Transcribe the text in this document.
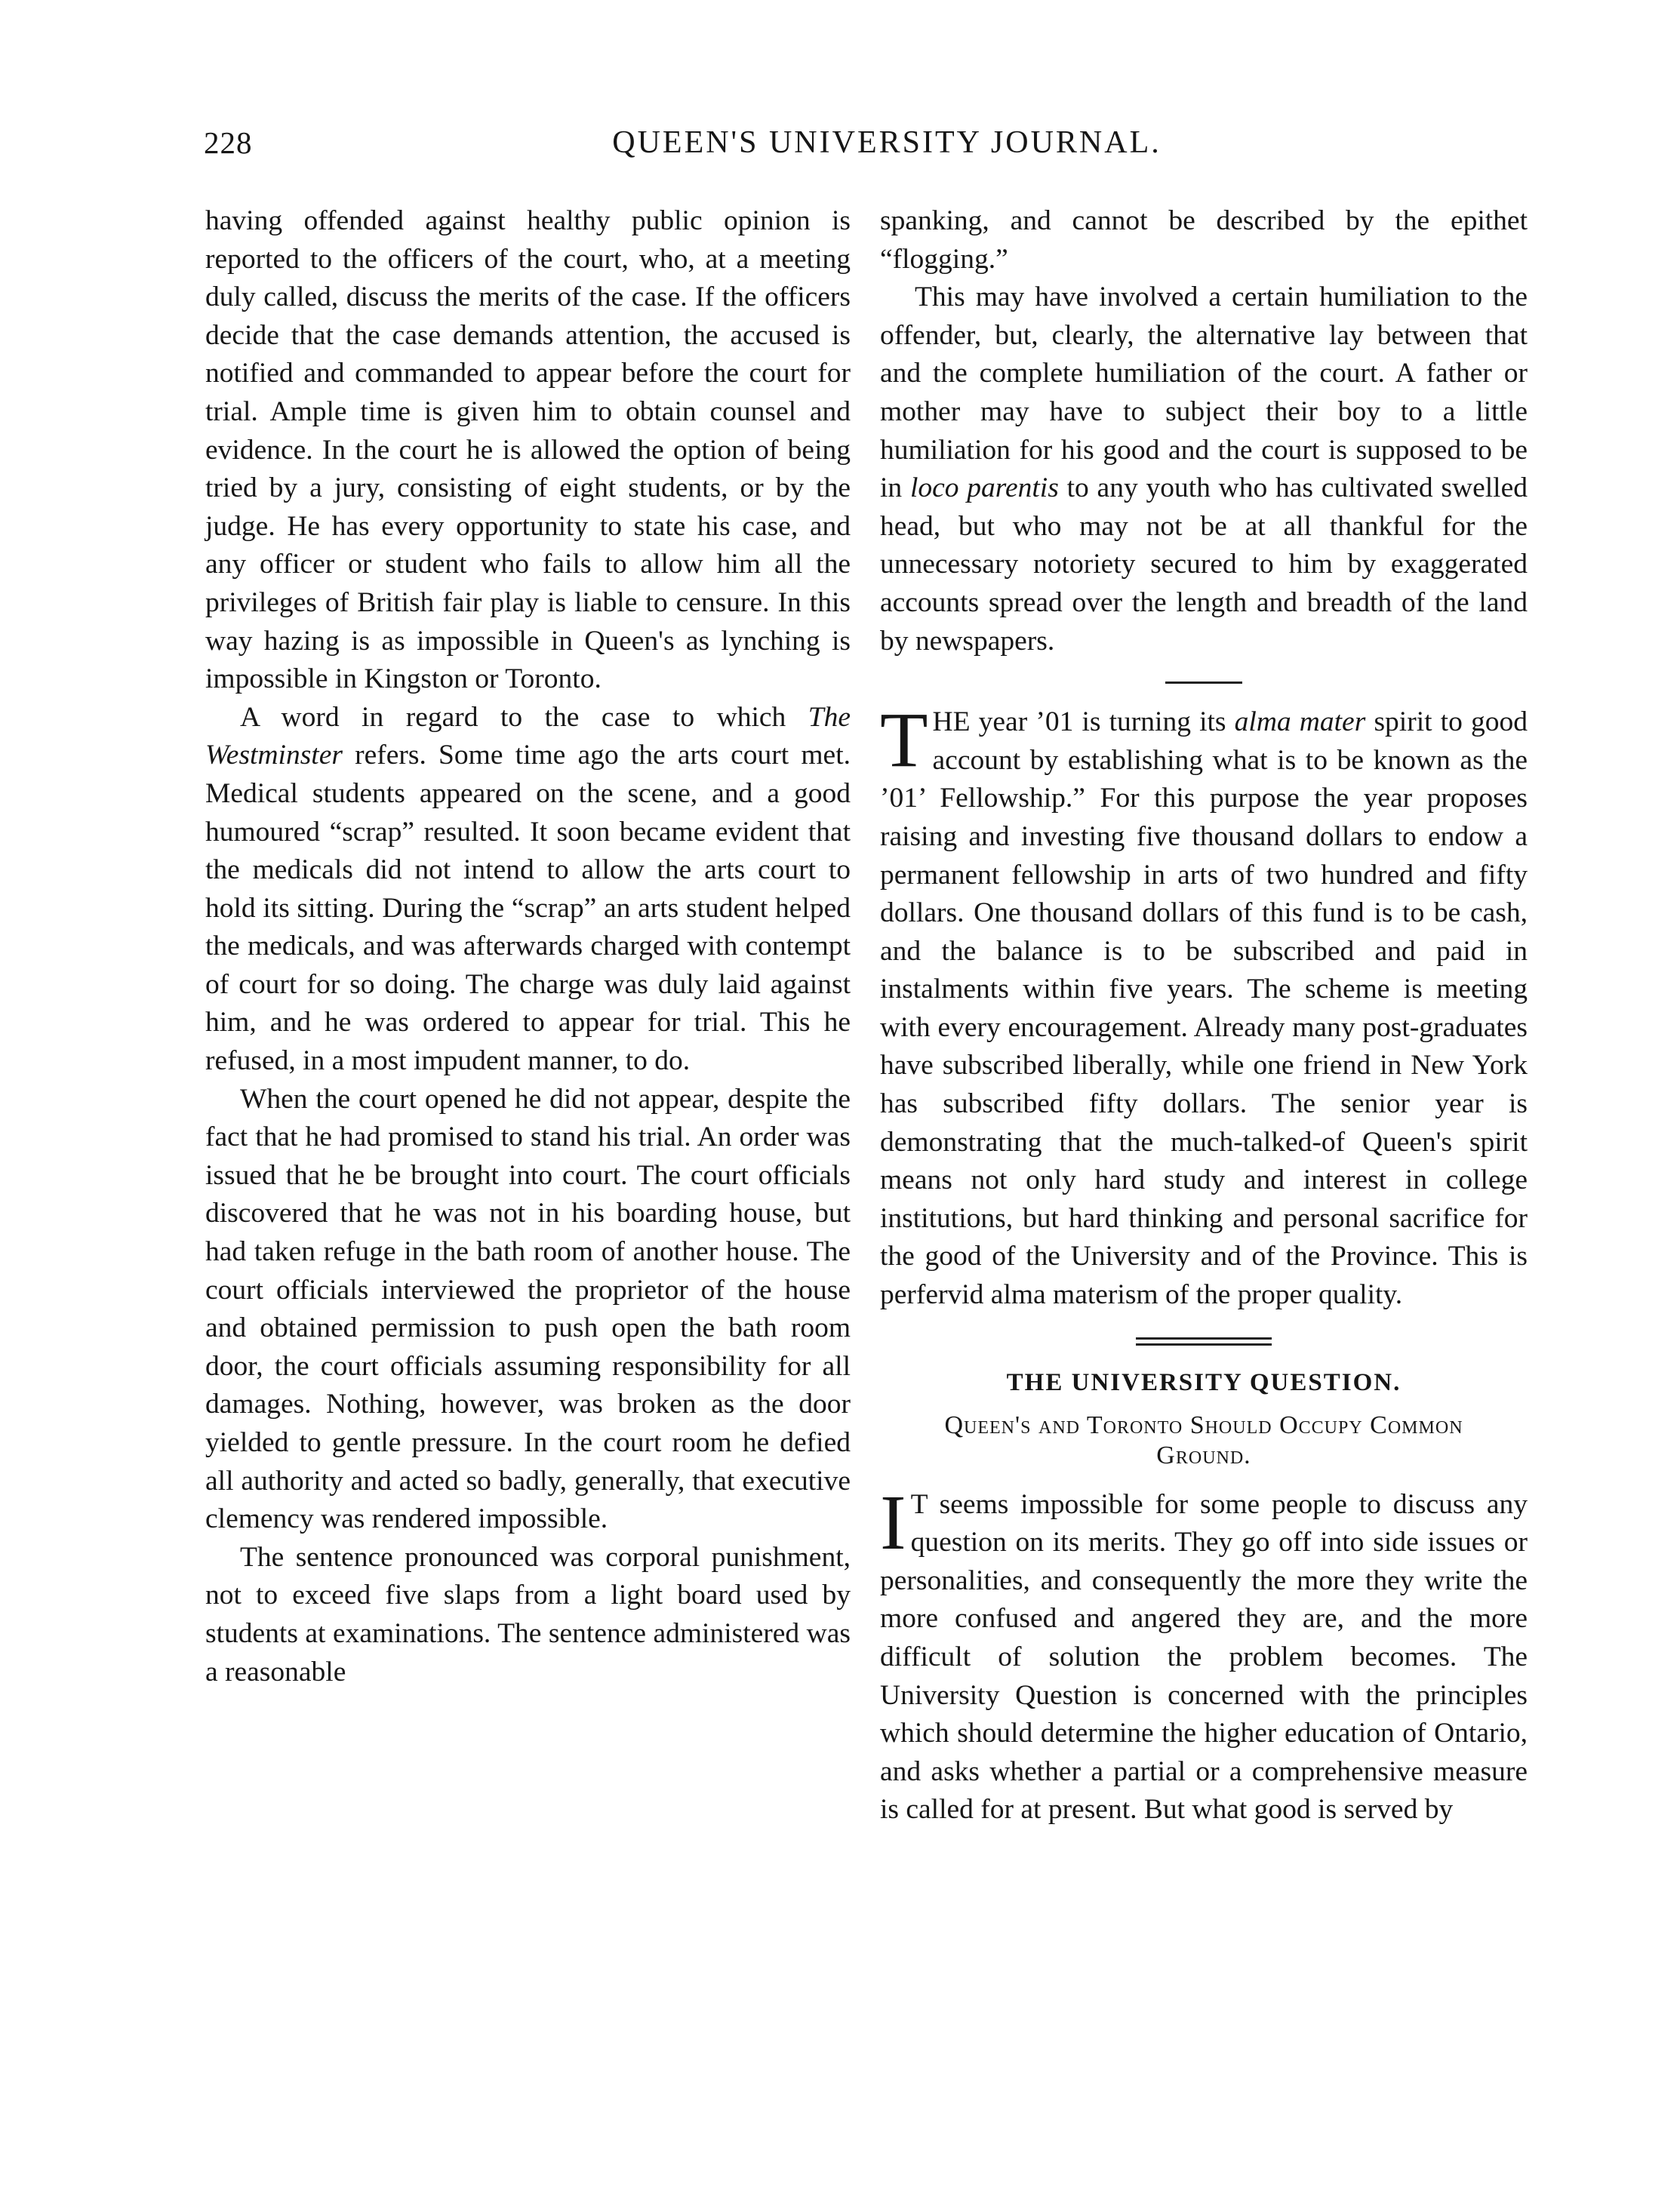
228	QUEEN'S UNIVERSITY JOURNAL.

having offended against healthy public opinion is reported to the officers of the court, who, at a meeting duly called, discuss the merits of the case. If the officers decide that the case demands attention, the accused is notified and commanded to appear before the court for trial. Ample time is given him to obtain counsel and evidence. In the court he is allowed the option of being tried by a jury, consisting of eight students, or by the judge. He has every opportunity to state his case, and any officer or student who fails to allow him all the privileges of British fair play is liable to censure. In this way hazing is as impossible in Queen's as lynching is impossible in Kingston or Toronto.

A word in regard to the case to which The Westminster refers. Some time ago the arts court met. Medical students appeared on the scene, and a good humoured “scrap” resulted. It soon became evident that the medicals did not intend to allow the arts court to hold its sitting. During the “scrap” an arts student helped the medicals, and was afterwards charged with contempt of court for so doing. The charge was duly laid against him, and he was ordered to appear for trial. This he refused, in a most impudent manner, to do.

When the court opened he did not appear, despite the fact that he had promised to stand his trial. An order was issued that he be brought into court. The court officials discovered that he was not in his boarding house, but had taken refuge in the bath room of another house. The court officials interviewed the proprietor of the house and obtained permission to push open the bath room door, the court officials assuming responsibility for all damages. Nothing, however, was broken as the door yielded to gentle pressure. In the court room he defied all authority and acted so badly, generally, that executive clemency was rendered impossible.

The sentence pronounced was corporal punishment, not to exceed five slaps from a light board used by students at examinations. The sentence administered was a reasonable

spanking, and cannot be described by the epithet “flogging.”

This may have involved a certain humiliation to the offender, but, clearly, the alternative lay between that and the complete humiliation of the court. A father or mother may have to subject their boy to a little humiliation for his good and the court is supposed to be in loco parentis to any youth who has cultivated swelled head, but who may not be at all thankful for the unnecessary notoriety secured to him by exaggerated accounts spread over the length and breadth of the land by newspapers.

THE year ’01 is turning its alma mater spirit to good account by establishing what is to be known as the ’01’ Fellowship.” For this purpose the year proposes raising and investing five thousand dollars to endow a permanent fellowship in arts of two hundred and fifty dollars. One thousand dollars of this fund is to be cash, and the balance is to be subscribed and paid in instalments within five years. The scheme is meeting with every encouragement. Already many post-graduates have subscribed liberally, while one friend in New York has subscribed fifty dollars. The senior year is demonstrating that the much-talked-of Queen's spirit means not only hard study and interest in college institutions, but hard thinking and personal sacrifice for the good of the University and of the Province. This is perfervid alma materism of the proper quality.

THE UNIVERSITY QUESTION.
Queen's and Toronto Should Occupy Common Ground.

I T seems impossible for some people to discuss any question on its merits. They go off into side issues or personalities, and consequently the more they write the more confused and angered they are, and the more difficult of solution the problem becomes. The University Question is concerned with the principles which should determine the higher education of Ontario, and asks whether a partial or a comprehensive measure is called for at present. But what good is served by
